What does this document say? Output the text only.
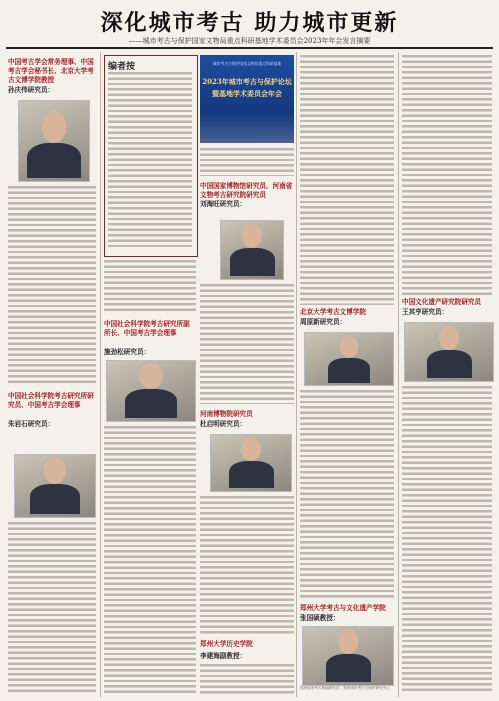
深化城市考古 助力城市更新
——城市考古与保护国家文物局重点科研基地学术委员会2023年年会发言摘要
中国考古学会常务理事、中国考古学会秘书长、北京大学考古文博学院教授
孙庆伟研究员：
中国社会科学院考古研究所研究员、中国考古学会理事
朱岩石研究员：
编者按	城市考古与保护国家文物局重点科研基地
2023年城市考古与保护论坛
暨基地学术委员会年会
中国社会科学院考古研究所副所长、中国考古学会理事
施劲松研究员：
中国国家博物馆研究员、河南省文物考古研究院研究员
刘海旺研究员：
河南博物院研究员
杜启明研究员：
郑州大学历史学院
李建海副教授：
北京大学考古文博学院
周原新研究员：
郑州大学考古与文化遗产学院
张国硕教授：
郑州城市考古基地研究员、郑州城市考古与保护研究中心
中国文化遗产研究院研究员
王其亨研究员：
